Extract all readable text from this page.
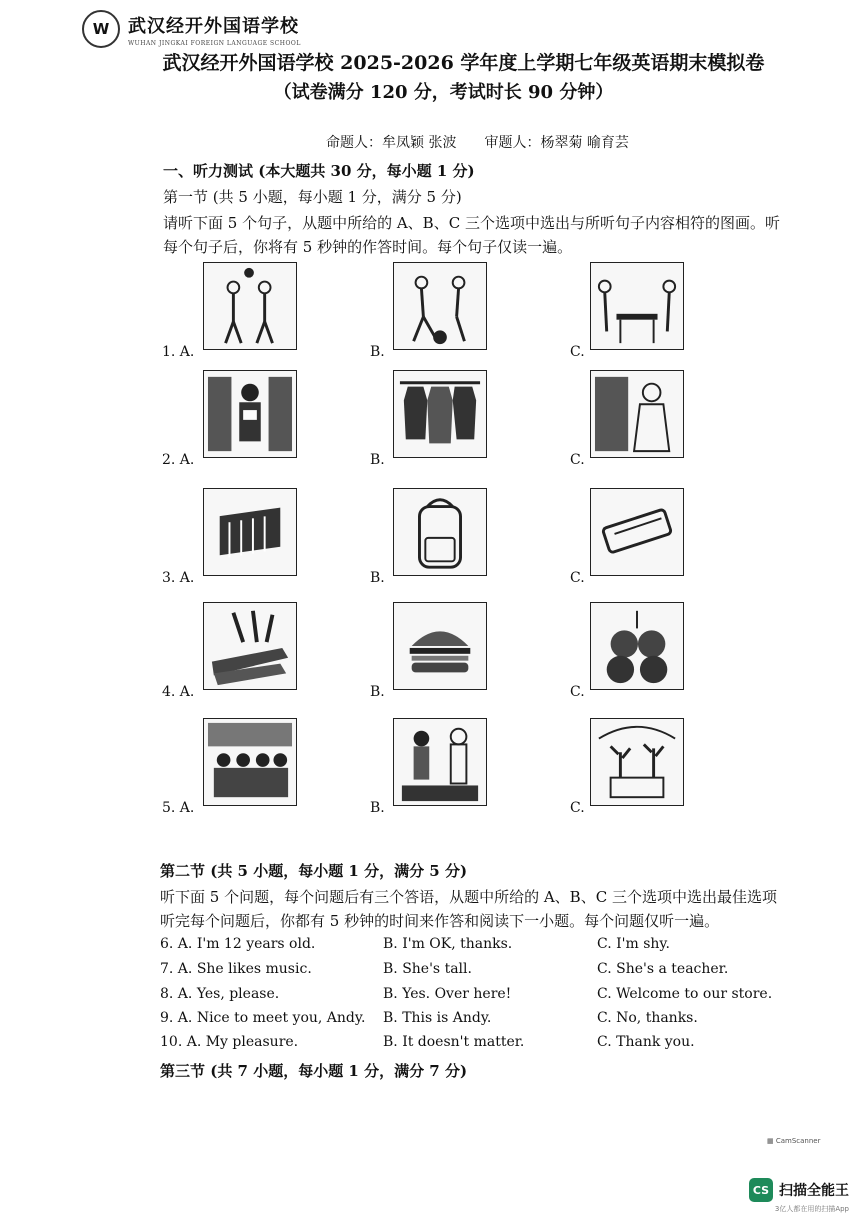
W	武汉经开外国语学校
WUHAN JINGKAI FOREIGN LANGUAGE SCHOOL
武汉经开外国语学校 2025-2026 学年度上学期七年级英语期末模拟卷
（试卷满分 120 分，考试时长 90 分钟）
命题人：牟凤颖 张波　　审题人：杨翠菊 喻育芸
一、听力测试 (本大题共 30 分，每小题 1 分)
第一节 (共 5 小题，每小题 1 分，满分 5 分)
请听下面 5 个句子，从题中所给的 A、B、C 三个选项中选出与所听句子内容相符的图画。听
每个句子后，你将有 5 秒钟的作答时间。每个句子仅读一遍。
1. A.	B.	C.
2. A.	B.	C.
3. A.	B.	C.
4. A.	B.	C.
5. A.	B.	C.
第二节 (共 5 小题，每小题 1 分，满分 5 分)
听下面 5 个问题，每个问题后有三个答语，从题中所给的 A、B、C 三个选项中选出最佳选项
听完每个问题后，你都有 5 秒钟的时间来作答和阅读下一小题。每个问题仅听一遍。
6. A. I'm 12 years old.	B. I'm OK, thanks.	C. I'm shy.
7. A. She likes music.	B. She's tall.	C. She's a teacher.
8. A. Yes, please.	B. Yes. Over here!	C. Welcome to our store.
9. A. Nice to meet you, Andy. B. This is Andy.	C. No, thanks.
10. A. My pleasure.	B. It doesn't matter.	C. Thank you.
第三节 (共 7 小题，每小题 1 分，满分 7 分)
▦ CamScanner
CS 扫描全能王
3亿人都在用的扫描App
